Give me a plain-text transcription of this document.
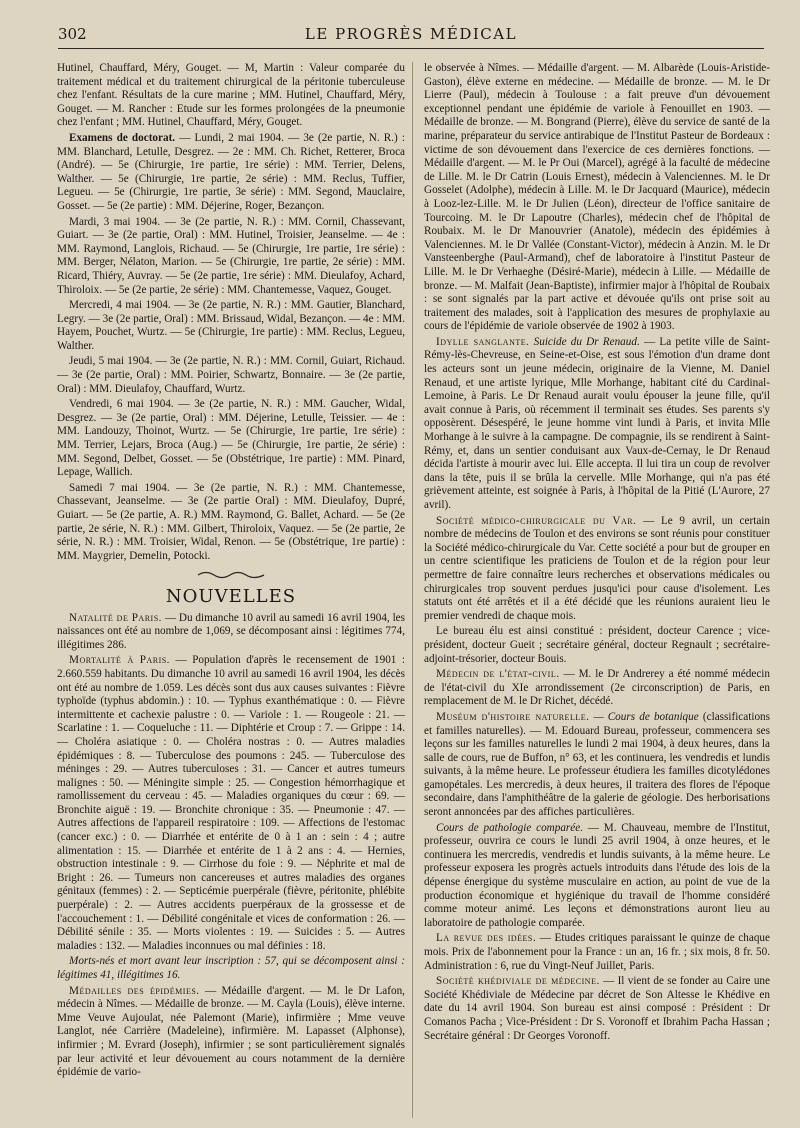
302	LE PROGRÈS MÉDICAL

Hutinel, Chauffard, Méry, Gouget. — M, Martin : Valeur comparée du traitement médical et du traitement chirurgical de la péritonie tuberculeuse chez l'enfant. Résultats de la cure marine ; MM. Hutinel, Chauffard, Méry, Gouget. — M. Rancher : Etude sur les formes prolongées de la pneumonie chez l'enfant ; MM. Hutinel, Chauffard, Méry, Gouget.

Examens de doctorat. — Lundi, 2 mai 1904. — 3e (2e partie, N. R.) : MM. Blanchard, Letulle, Desgrez. — 2e : MM. Ch. Richet, Retterer, Broca (André). — 5e (Chirurgie, 1re partie, 1re série) : MM. Terrier, Delens, Walther. — 5e (Chirurgie, 1re partie, 2e série) : MM. Reclus, Tuffier, Legueu. — 5e (Chirurgie, 1re partie, 3e série) : MM. Segond, Mauclaire, Gosset. — 5e (2e partie) : MM. Déjerine, Roger, Bezançon.

Mardi, 3 mai 1904. — 3e (2e partie, N. R.) : MM. Cornil, Chassevant, Guiart. — 3e (2e partie, Oral) : MM. Hutinel, Troisier, Jeanselme. — 4e : MM. Raymond, Langlois, Richaud. — 5e (Chirurgie, 1re partie, 1re série) : MM. Berger, Nélaton, Marion. — 5e (Chirurgie, 1re partie, 2e série) : MM. Ricard, Thiéry, Auvray. — 5e (2e partie, 1re série) : MM. Dieulafoy, Achard, Thiroloix. — 5e (2e partie, 2e série) : MM. Chantemesse, Vaquez, Gouget.

Mercredi, 4 mai 1904. — 3e (2e partie, N. R.) : MM. Gautier, Blanchard, Legry. — 3e (2e partie, Oral) : MM. Brissaud, Widal, Bezançon. — 4e : MM. Hayem, Pouchet, Wurtz. — 5e (Chirurgie, 1re partie) : MM. Reclus, Legueu, Walther.

Jeudi, 5 mai 1904. — 3e (2e partie, N. R.) : MM. Cornil, Guiart, Richaud. — 3e (2e partie, Oral) : MM. Poirier, Schwartz, Bonnaire. — 3e (2e partie, Oral) : MM. Dieulafoy, Chauffard, Wurtz.

Vendredi, 6 mai 1904. — 3e (2e partie, N. R.) : MM. Gaucher, Widal, Desgrez. — 3e (2e partie, Oral) : MM. Déjerine, Letulle, Teissier. — 4e : MM. Landouzy, Thoinot, Wurtz. — 5e (Chirurgie, 1re partie, 1re série) : MM. Terrier, Lejars, Broca (Aug.) — 5e (Chirurgie, 1re partie, 2e série) : MM. Segond, Delbet, Gosset. — 5e (Obstétrique, 1re partie) : MM. Pinard, Lepage, Wallich.

Samedi 7 mai 1904. — 3e (2e partie, N. R.) : MM. Chantemesse, Chassevant, Jeanselme. — 3e (2e partie Oral) : MM. Dieulafoy, Dupré, Guiart. — 5e (2e partie, A. R.) MM. Raymond, G. Ballet, Achard. — 5e (2e partie, 2e série, N. R.) : MM. Gilbert, Thiroloix, Vaquez. — 5e (2e partie, 2e série, N. R.) : MM. Troisier, Widal, Renon. — 5e (Obstétrique, 1re partie) : MM. Maygrier, Demelin, Potocki.

NOUVELLES

Natalité de Paris. — Du dimanche 10 avril au samedi 16 avril 1904, les naissances ont été au nombre de 1,069, se décomposant ainsi : légitimes 774, illégitimes 286.

Mortalité à Paris. — Population d'après le recensement de 1901 : 2.660.559 habitants. Du dimanche 10 avril au samedi 16 avril 1904, les décès ont été au nombre de 1.059. Les décès sont dus aux causes suivantes : Fièvre typhoïde (typhus abdomin.) : 10. — Typhus exanthématique : 0. — Fièvre intermittente et cachexie palustre : 0. — Variole : 1. — Rougeole : 21. — Scarlatine : 1. — Coqueluche : 11. — Diphtérie et Croup : 7. — Grippe : 14. — Choléra asiatique : 0. — Choléra nostras : 0. — Autres maladies épidémiques : 8. — Tuberculose des poumons : 245. — Tuberculose des méninges : 29. — Autres tuberculoses : 31. — Cancer et autres tumeurs malignes : 50. — Méningite simple : 25. — Congestion hémorrhagique et ramollissement du cerveau : 45. — Maladies organiques du cœur : 69. — Bronchite aiguë : 19. — Bronchite chronique : 35. — Pneumonie : 47. — Autres affections de l'appareil respiratoire : 109. — Affections de l'estomac (cancer exc.) : 0. — Diarrhée et entérite de 0 à 1 an : sein : 4 ; autre alimentation : 15. — Diarrhée et entérite de 1 à 2 ans : 4. — Hernies, obstruction intestinale : 9. — Cirrhose du foie : 9. — Néphrite et mal de Bright : 26. — Tumeurs non cancereuses et autres maladies des organes génitaux (femmes) : 2. — Septicémie puerpérale (fièvre, péritonite, phlébite puerpérale) : 2. — Autres accidents puerpéraux de la grossesse et de l'accouchement : 1. — Débilité congénitale et vices de conformation : 26. — Débilité sénile : 35. — Morts violentes : 19. — Suicides : 5. — Autres maladies : 132. — Maladies inconnues ou mal définies : 18.

Morts-nés et mort avant leur inscription : 57, qui se décomposent ainsi : légitimes 41, illégitimes 16.

Médailles des épidémies. — Médaille d'argent. — M. le Dr Lafon, médecin à Nîmes. — Médaille de bronze. — M. Cayla (Louis), élève interne. Mme Veuve Aujoulat, née Palemont (Marie), infirmière ; Mme veuve Langlot, née Carrière (Madeleine), infirmière. M. Lapasset (Alphonse), infirmier ; M. Evrard (Joseph), infirmier ; se sont particulièrement signalés par leur activité et leur dévouement au cours notamment de la dernière épidémie de vario-

le observée à Nîmes. — Médaille d'argent. — M. Albarède (Louis-Aristide-Gaston), élève externe en médecine. — Médaille de bronze. — M. le Dr Lierre (Paul), médecin à Toulouse : a fait preuve d'un dévouement exceptionnel pendant une épidémie de variole à Fenouillet en 1903. — Médaille de bronze. — M. Bongrand (Pierre), élève du service de santé de la marine, préparateur du service antirabique de l'Institut Pasteur de Bordeaux : victime de son dévouement dans l'exercice de ces dernières fonctions. — Médaille d'argent. — M. le Pr Oui (Marcel), agrégé à la faculté de médecine de Lille. M. le Dr Catrin (Louis Ernest), médecin à Valenciennes. M. le Dr Gosselet (Adolphe), médecin à Lille. M. le Dr Jacquard (Maurice), médecin à Looz-lez-Lille. M. le Dr Julien (Léon), directeur de l'office sanitaire de Tourcoing. M. le Dr Lapoutre (Charles), médecin chef de l'hôpital de Roubaix. M. le Dr Manouvrier (Anatole), médecin des épidémies à Valenciennes. M. le Dr Vallée (Constant-Victor), médecin à Anzin. M. le Dr Vansteenberghe (Paul-Armand), chef de laboratoire à l'institut Pasteur de Lille. M. le Dr Verhaeghe (Désiré-Marie), médecin à Lille. — Médaille de bronze. — M. Malfait (Jean-Baptiste), infirmier major à l'hôpital de Roubaix : se sont signalés par la part active et dévouée qu'ils ont prise soit au traitement des malades, soit à l'application des mesures de prophylaxie au cours de l'épidémie de variole observée de 1902 à 1903.

Idylle sanglante. Suicide du Dr Renaud. — La petite ville de Saint-Rémy-lès-Chevreuse, en Seine-et-Oise, est sous l'émotion d'un drame dont les acteurs sont un jeune médecin, originaire de la Vienne, M. Daniel Renaud, et une artiste lyrique, Mlle Morhange, habitant cité du Cardinal-Lemoine, à Paris. Le Dr Renaud aurait voulu épouser la jeune fille, qu'il avait connue à Paris, où récemment il terminait ses études. Ses parents s'y opposèrent. Désespéré, le jeune homme vint lundi à Paris, et invita Mlle Morhange à le suivre à la campagne. De compagnie, ils se rendirent à Saint-Rémy, et, dans un sentier conduisant aux Vaux-de-Cernay, le Dr Renaud décida l'artiste à mourir avec lui. Elle accepta. Il lui tira un coup de revolver dans la tête, puis il se brûla la cervelle. Mlle Morhange, qui n'a pas été grièvement atteinte, est soignée à Paris, à l'hôpital de la Pitié (L'Aurore, 27 avril).

Société médico-chirurgicale du Var. — Le 9 avril, un certain nombre de médecins de Toulon et des environs se sont réunis pour constituer la Société médico-chirurgicale du Var. Cette société a pour but de grouper en un centre scientifique les praticiens de Toulon et de la région pour leur permettre de faire connaître leurs recherches et observations médicales ou chirurgicales trop souvent perdues jusqu'ici pour cause d'isolement. Les statuts ont été arrêtés et il a été décidé que les réunions auraient lieu le premier vendredi de chaque mois.

Le bureau élu est ainsi constitué : président, docteur Carence ; vice-président, docteur Gueit ; secrétaire général, docteur Regnault ; secrétaire-adjoint-trésorier, docteur Bouis.

Médecin de l'état-civil. — M. le Dr Andrerey a été nommé médecin de l'état-civil du XIe arrondissement (2e circonscription) de Paris, en remplacement de M. le Dr Richet, décédé.

Muséum d'histoire naturelle. — Cours de botanique (classifications et familles naturelles). — M. Edouard Bureau, professeur, commencera ses leçons sur les familles naturelles le lundi 2 mai 1904, à deux heures, dans la salle de cours, rue de Buffon, n° 63, et les continuera, les vendredis et lundis suivants, à la même heure. Le professeur étudiera les familles dicotylédones gamopétales. Les mercredis, à deux heures, il traitera des flores de l'époque secondaire, dans l'amphithéâtre de la galerie de géologie. Des herborisations seront annoncées par des affiches particulières.

Cours de pathologie comparée. — M. Chauveau, membre de l'Institut, professeur, ouvrira ce cours le lundi 25 avril 1904, à onze heures, et le continuera les mercredis, vendredis et lundis suivants, à la même heure. Le professeur exposera les progrès actuels introduits dans l'étude des lois de la dépense énergique du système musculaire en action, au point de vue de la production économique et hygiénique du travail de l'homme considéré comme moteur animé. Les leçons et démonstrations auront lieu au laboratoire de pathologie comparée.

La revue des idées. — Etudes critiques paraissant le quinze de chaque mois. Prix de l'abonnement pour la France : un an, 16 fr. ; six mois, 8 fr. 50. Administration : 6, rue du Vingt-Neuf Juillet, Paris.

Société khédiviale de médecine. — Il vient de se fonder au Caire une Société Khédiviale de Médecine par décret de Son Altesse le Khédive en date du 14 avril 1904. Son bureau est ainsi composé : Président : Dr Comanos Pacha ; Vice-Président : Dr S. Voronoff et Ibrahim Pacha Hassan ; Secrétaire général : Dr Georges Voronoff.
